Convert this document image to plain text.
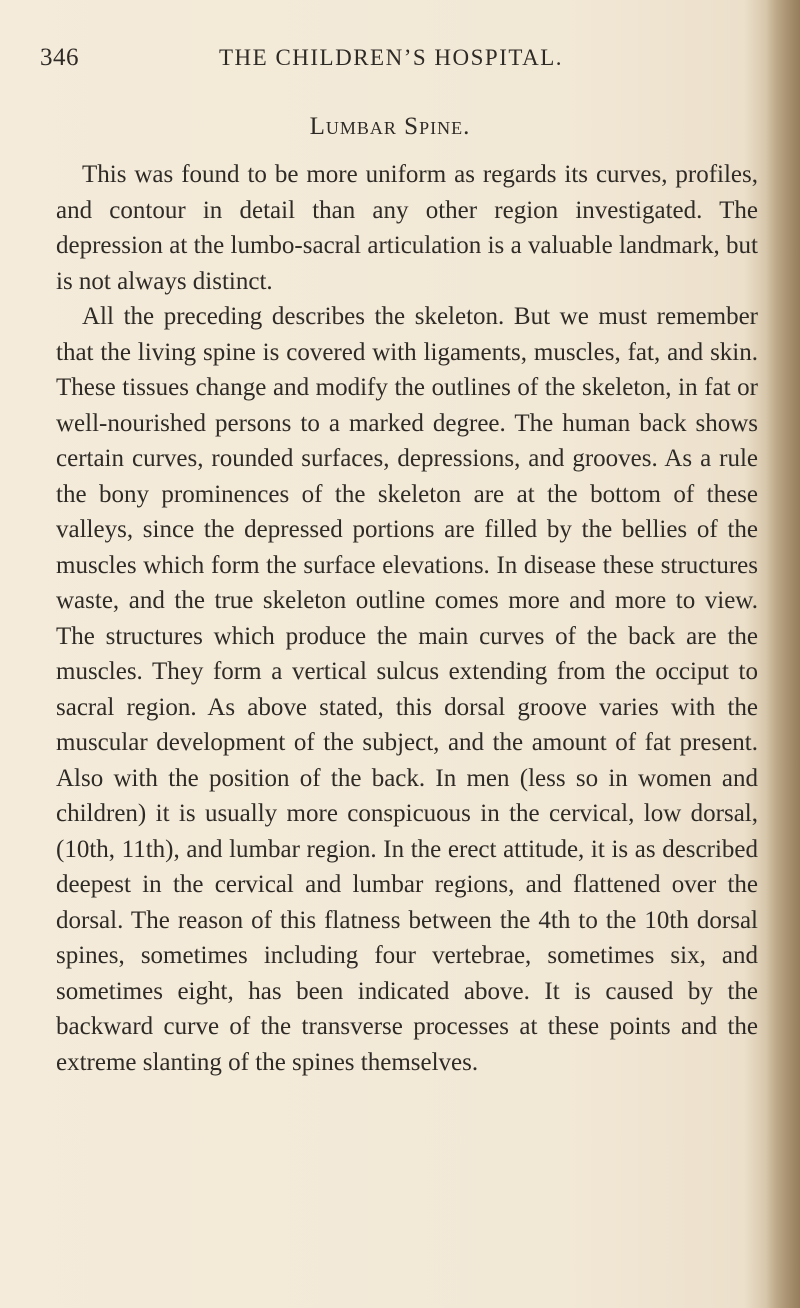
346	THE CHILDREN’S HOSPITAL.
Lumbar Spine.

This was found to be more uniform as regards its curves, profiles, and contour in detail than any other region investigated. The depression at the lumbo-sacral articulation is a valuable landmark, but is not always distinct.

All the preceding describes the skeleton. But we must remember that the living spine is covered with ligaments, muscles, fat, and skin. These tissues change and modify the outlines of the skeleton, in fat or well-nourished persons to a marked degree. The human back shows certain curves, rounded surfaces, depressions, and grooves. As a rule the bony prominences of the skeleton are at the bottom of these valleys, since the depressed portions are filled by the bellies of the muscles which form the surface elevations. In disease these structures waste, and the true skeleton outline comes more and more to view. The structures which produce the main curves of the back are the muscles. They form a vertical sulcus extending from the occiput to sacral region. As above stated, this dorsal groove varies with the muscular development of the subject, and the amount of fat present. Also with the position of the back. In men (less so in women and children) it is usually more conspicuous in the cervical, low dorsal, (10th, 11th), and lumbar region. In the erect attitude, it is as described deepest in the cervical and lumbar regions, and flattened over the dorsal. The reason of this flatness between the 4th to the 10th dorsal spines, sometimes including four vertebrae, sometimes six, and sometimes eight, has been indicated above. It is caused by the backward curve of the transverse processes at these points and the extreme slanting of the spines themselves.
